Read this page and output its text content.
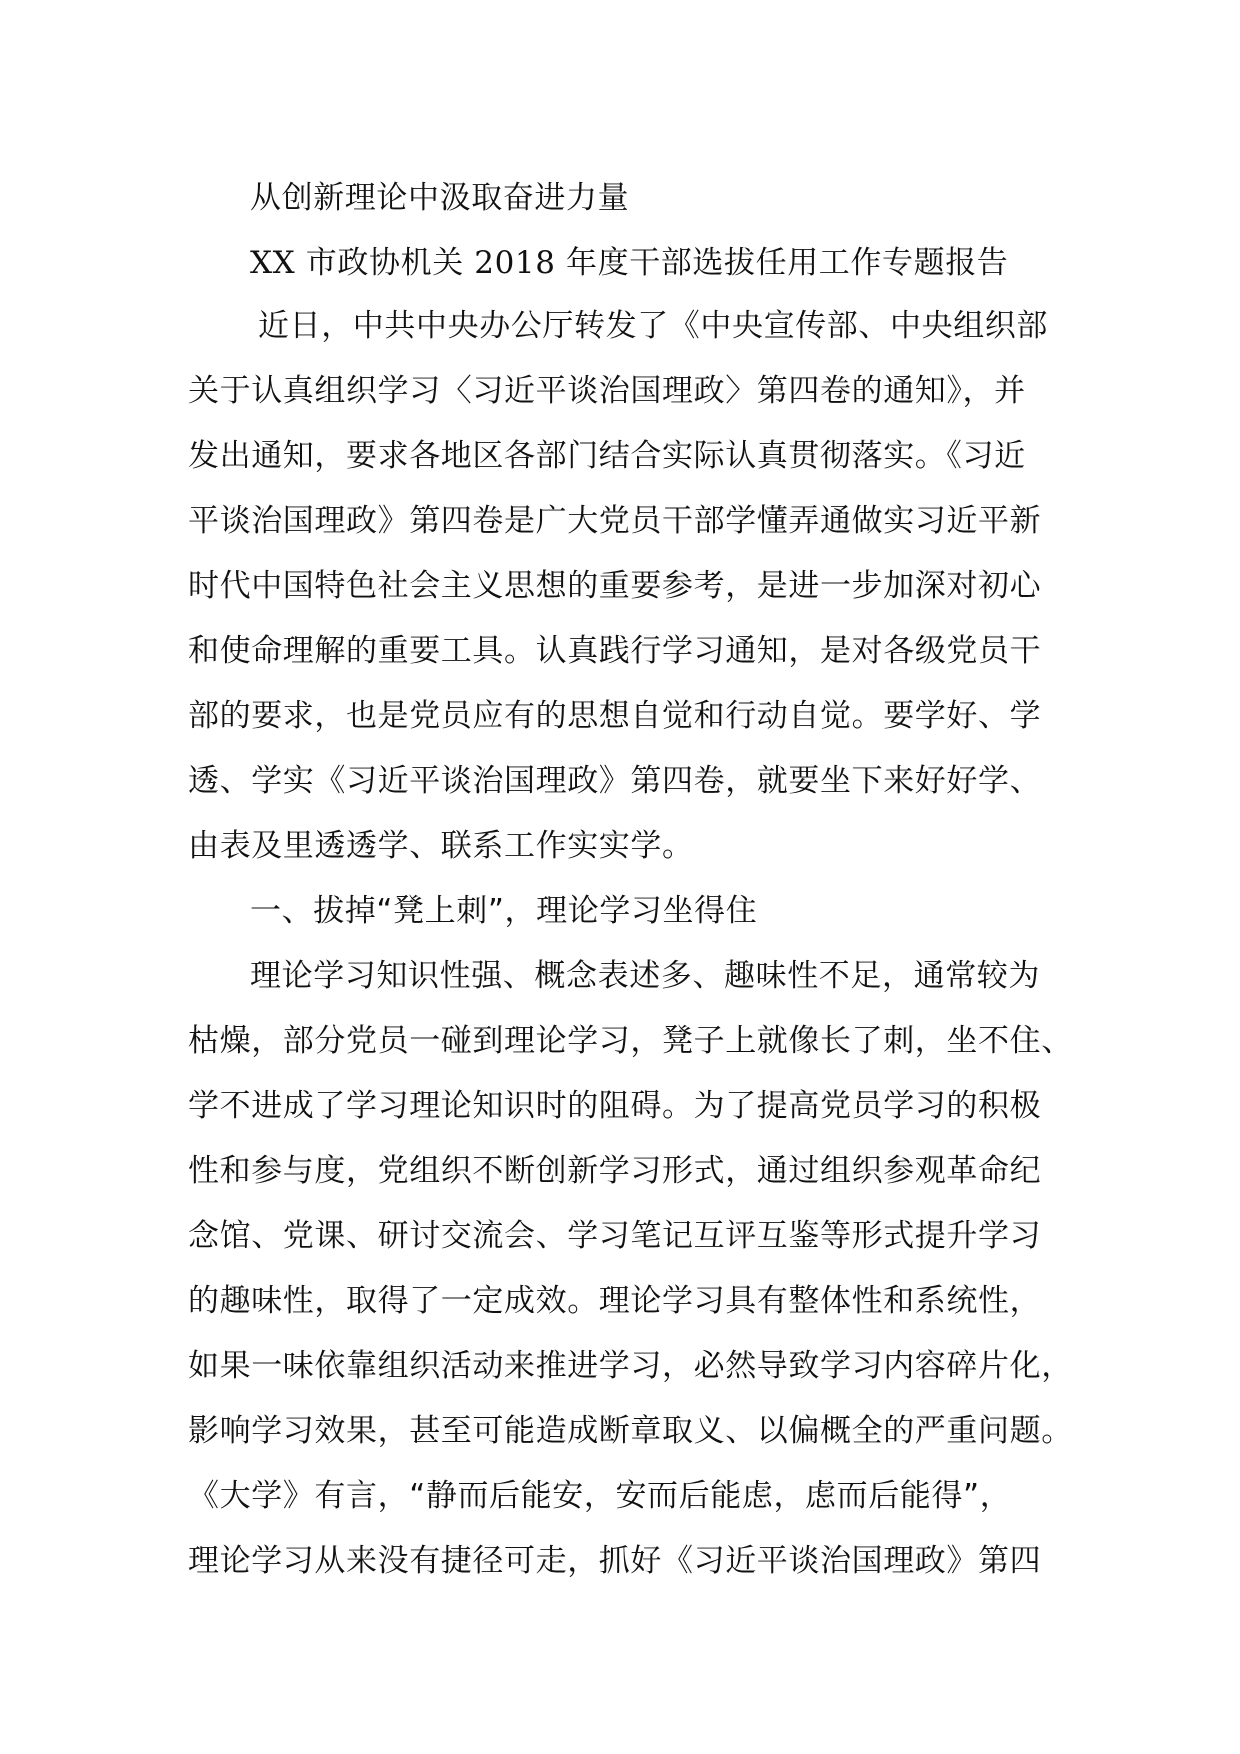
从创新理论中汲取奋进力量
XX 市政协机关 2018 年度干部选拔任用工作专题报告
近日，中共中央办公厅转发了《中央宣传部、中央组织部
关于认真组织学习〈习近平谈治国理政〉第四卷的通知》，并
发出通知，要求各地区各部门结合实际认真贯彻落实。《习近
平谈治国理政》第四卷是广大党员干部学懂弄通做实习近平新
时代中国特色社会主义思想的重要参考，是进一步加深对初心
和使命理解的重要工具。认真践行学习通知，是对各级党员干
部的要求，也是党员应有的思想自觉和行动自觉。要学好、学
透、学实《习近平谈治国理政》第四卷，就要坐下来好好学、
由表及里透透学、联系工作实实学。
一、拔掉“凳上刺”，理论学习坐得住
理论学习知识性强、概念表述多、趣味性不足，通常较为
枯燥，部分党员一碰到理论学习，凳子上就像长了刺，坐不住、
学不进成了学习理论知识时的阻碍。为了提高党员学习的积极
性和参与度，党组织不断创新学习形式，通过组织参观革命纪
念馆、党课、研讨交流会、学习笔记互评互鉴等形式提升学习
的趣味性，取得了一定成效。理论学习具有整体性和系统性，
如果一味依靠组织活动来推进学习，必然导致学习内容碎片化，
影响学习效果，甚至可能造成断章取义、以偏概全的严重问题。
《大学》有言，“静而后能安，安而后能虑，虑而后能得”，
理论学习从来没有捷径可走，抓好《习近平谈治国理政》第四
